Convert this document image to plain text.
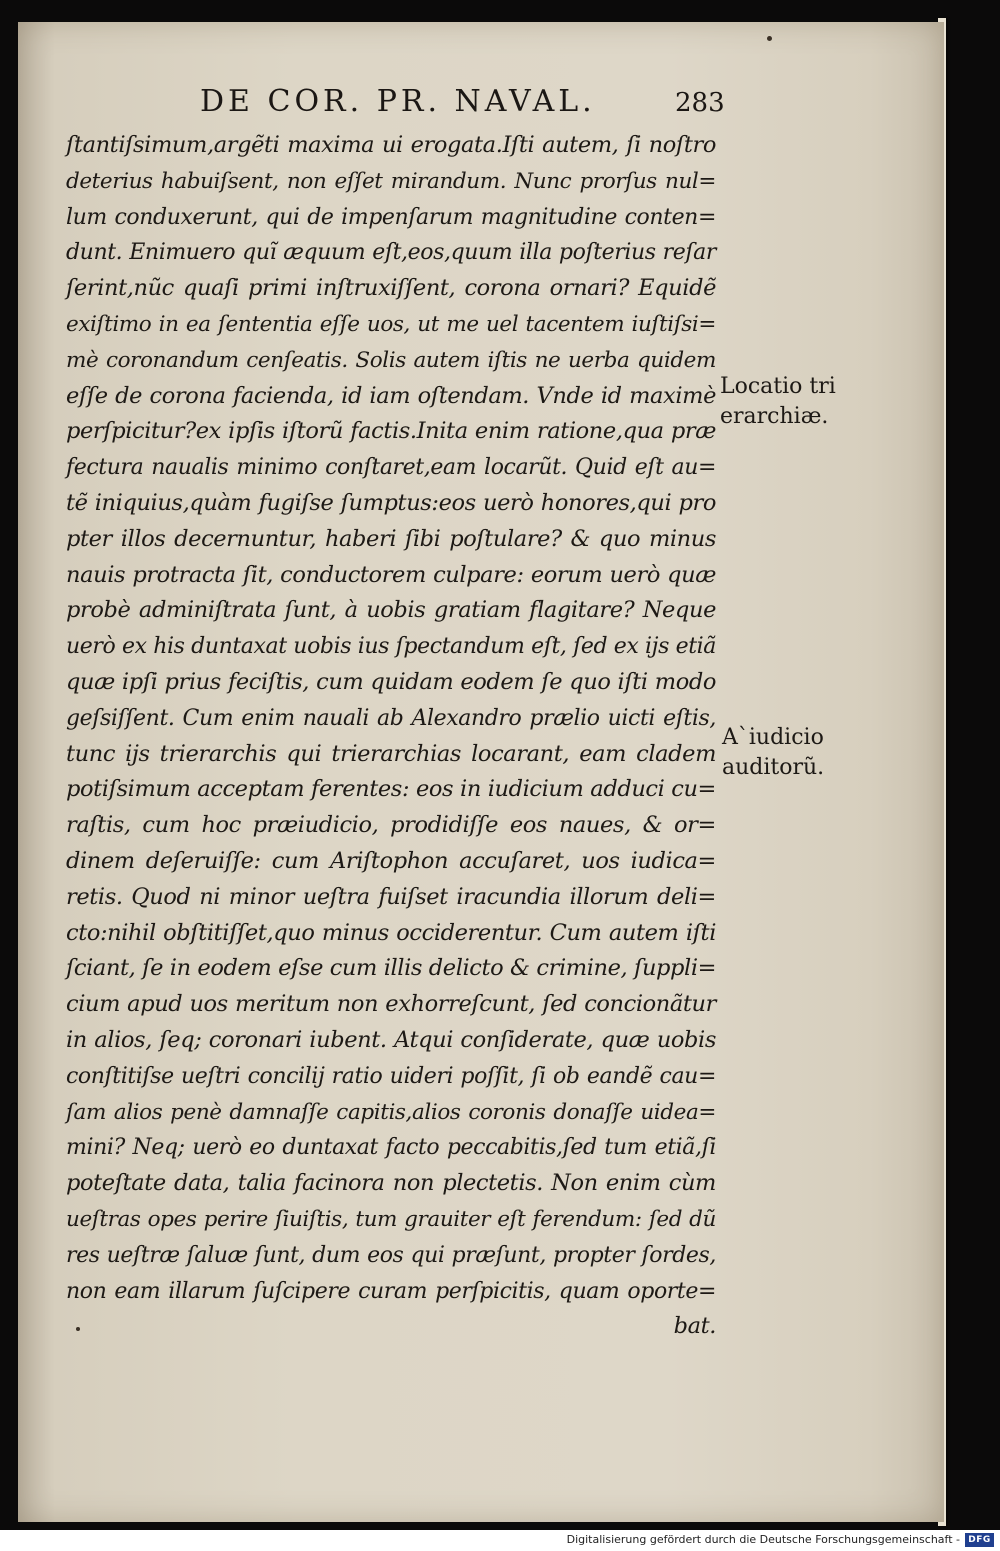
DE COR. PR. NAVAL.	283
ſtantiſsimum,argẽti maxima ui erogata.Iſti autem, ſi noſtro
deterius habuiſsent, non eſſet mirandum. Nunc prorſus nul=
lum conduxerunt, qui de impenſarum magnitudine conten=
dunt. Enimuero quĩ æquum eſt,eos,quum illa poſterius reſar
ſerint,nũc quaſi primi inſtruxiſſent, corona ornari? Equidẽ
exiſtimo in ea ſententia eſſe uos, ut me uel tacentem iuſtiſsi=
mè coronandum cenſeatis. Solis autem iſtis ne uerba quidem
eſſe de corona facienda, id iam oſtendam. Vnde id maximè
perſpicitur?ex ipſis iſtorũ factis.Inita enim ratione,qua præ
fectura naualis minimo conſtaret,eam locarũt. Quid eſt au=
tẽ iniquius,quàm fugiſse ſumptus:eos uerò honores,qui pro
pter illos decernuntur, haberi ſibi poſtulare? & quo minus
nauis protracta ſit, conductorem culpare: eorum uerò quæ
probè adminiſtrata ſunt, à uobis gratiam flagitare? Neque
uerò ex his duntaxat uobis ius ſpectandum eſt, ſed ex ijs etiã
quæ ipſi prius feciſtis, cum quidam eodem ſe quo iſti modo
geſsiſſent. Cum enim nauali ab Alexandro prælio uicti eſtis,
tunc ijs trierarchis qui trierarchias locarant, eam cladem
potiſsimum acceptam ferentes: eos in iudicium adduci cu=
raſtis, cum hoc præiudicio, prodidiſſe eos naues, & or=
dinem deſeruiſſe: cum Ariſtophon accuſaret, uos iudica=
retis. Quod ni minor ueſtra fuiſset iracundia illorum deli=
cto:nihil obſtitiſſet,quo minus occiderentur. Cum autem iſti
ſciant, ſe in eodem eſse cum illis delicto & crimine, ſuppli=
cium apud uos meritum non exhorreſcunt, ſed concionãtur
in alios, ſeq; coronari iubent. Atqui conſiderate, quæ uobis
conſtitiſse ueſtri concilij ratio uideri poſſit, ſi ob eandẽ cau=
ſam alios penè damnaſſe capitis,alios coronis donaſſe uidea=
mini? Neq; uerò eo duntaxat facto peccabitis,ſed tum etiã,ſi
poteſtate data, talia facinora non plectetis. Non enim cùm
ueſtras opes perire ſiuiſtis, tum grauiter eſt ferendum: ſed dũ
res ueſtræ ſaluæ ſunt, dum eos qui præſunt, propter ſordes,
non eam illarum ſuſcipere curam perſpicitis, quam oporte=
bat.
Locatio tri
erarchiæ.
A`iudicio
auditorũ.
Digitalisierung gefördert durch die Deutsche Forschungsgemeinschaft - DFG
